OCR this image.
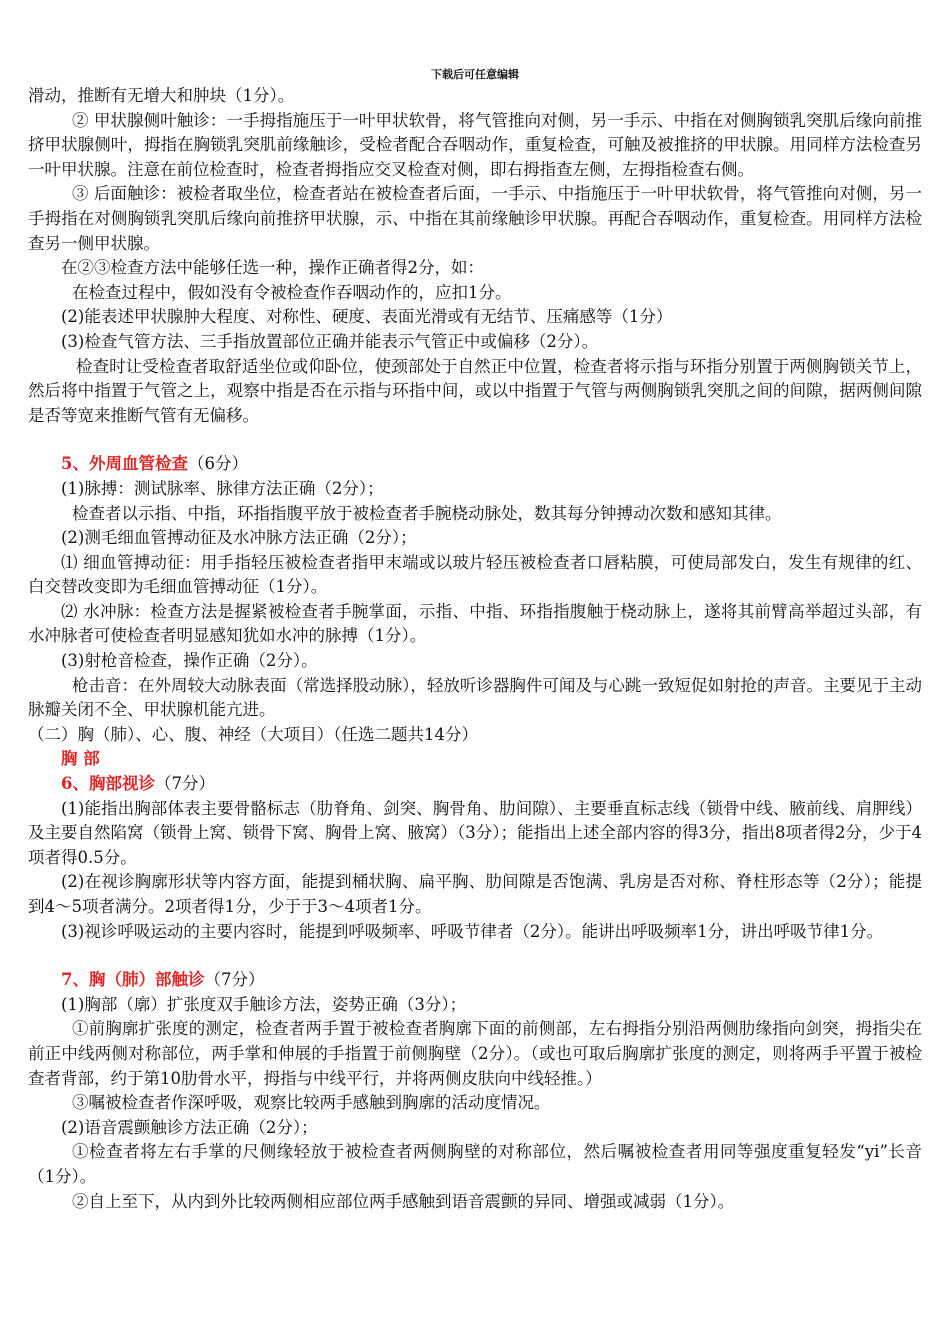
下载后可任意编辑

滑动，推断有无增大和肿块（1分）。

② 甲状腺侧叶触诊：一手拇指施压于一叶甲状软骨，将气管推向对侧，另一手示、中指在对侧胸锁乳突肌后缘向前推挤甲状腺侧叶，拇指在胸锁乳突肌前缘触诊，受检者配合吞咽动作，重复检查，可触及被推挤的甲状腺。用同样方法检查另一叶甲状腺。注意在前位检查时，检查者拇指应交叉检查对侧，即右拇指查左侧，左拇指检查右侧。

③ 后面触诊：被检者取坐位，检查者站在被检查者后面，一手示、中指施压于一叶甲状软骨，将气管推向对侧，另一手拇指在对侧胸锁乳突肌后缘向前推挤甲状腺，示、中指在其前缘触诊甲状腺。再配合吞咽动作，重复检查。用同样方法检查另一侧甲状腺。

在②③检查方法中能够任选一种，操作正确者得2分，如：

在检查过程中，假如没有令被检查作吞咽动作的，应扣1分。

(2)能表述甲状腺肿大程度、对称性、硬度、表面光滑或有无结节、压痛感等（1分）

(3)检查气管方法、三手指放置部位正确并能表示气管正中或偏移（2分）。

检查时让受检查者取舒适坐位或仰卧位，使颈部处于自然正中位置，检查者将示指与环指分别置于两侧胸锁关节上，然后将中指置于气管之上，观察中指是否在示指与环指中间，或以中指置于气管与两侧胸锁乳突肌之间的间隙，据两侧间隙是否等宽来推断气管有无偏移。

5、外周血管检查（6分）

(1)脉搏：测试脉率、脉律方法正确（2分）；

检查者以示指、中指，环指指腹平放于被检查者手腕桡动脉处，数其每分钟搏动次数和感知其律。

(2)测毛细血管搏动征及水冲脉方法正确（2分）；

⑴ 细血管搏动征：用手指轻压被检查者指甲末端或以玻片轻压被检查者口唇粘膜，可使局部发白，发生有规律的红、白交替改变即为毛细血管搏动征（1分）。

⑵ 水冲脉：检查方法是握紧被检查者手腕掌面，示指、中指、环指指腹触于桡动脉上，遂将其前臂高举超过头部，有水冲脉者可使检查者明显感知犹如水冲的脉搏（1分）。

(3)射枪音检查，操作正确（2分）。

枪击音：在外周较大动脉表面（常选择股动脉），轻放听诊器胸件可闻及与心跳一致短促如射抢的声音。主要见于主动脉瓣关闭不全、甲状腺机能亢进。

（二）胸（肺）、心、腹、神经（大项目）（任选二题共14分）

胸 部

6、胸部视诊（7分）

(1)能指出胸部体表主要骨骼标志（肋脊角、剑突、胸骨角、肋间隙）、主要垂直标志线（锁骨中线、腋前线、肩胛线）及主要自然陷窝（锁骨上窝、锁骨下窝、胸骨上窝、腋窝）（3分）；能指出上述全部内容的得3分，指出8项者得2分，少于4项者得0.5分。

(2)在视诊胸廓形状等内容方面，能提到桶状胸、扁平胸、肋间隙是否饱满、乳房是否对称、脊柱形态等（2分）；能提到4～5项者满分。2项者得1分，少于于3～4项者1分。

(3)视诊呼吸运动的主要内容时，能提到呼吸频率、呼吸节律者（2分）。能讲出呼吸频率1分，讲出呼吸节律1分。

7、胸（肺）部触诊（7分）

(1)胸部（廓）扩张度双手触诊方法，姿势正确（3分）；

①前胸廓扩张度的测定，检查者两手置于被检查者胸廓下面的前侧部，左右拇指分别沿两侧肋缘指向剑突，拇指尖在前正中线两侧对称部位，两手掌和伸展的手指置于前侧胸壁（2分）。（或也可取后胸廓扩张度的测定，则将两手平置于被检查者背部，约于第10肋骨水平，拇指与中线平行，并将两侧皮肤向中线轻推。）

③嘱被检查者作深呼吸，观察比较两手感触到胸廓的活动度情况。

(2)语音震颤触诊方法正确（2分）；

①检查者将左右手掌的尺侧缘轻放于被检查者两侧胸壁的对称部位，然后嘱被检查者用同等强度重复轻发“yi”长音（1分）。

②自上至下，从内到外比较两侧相应部位两手感触到语音震颤的异同、增强或减弱（1分）。
